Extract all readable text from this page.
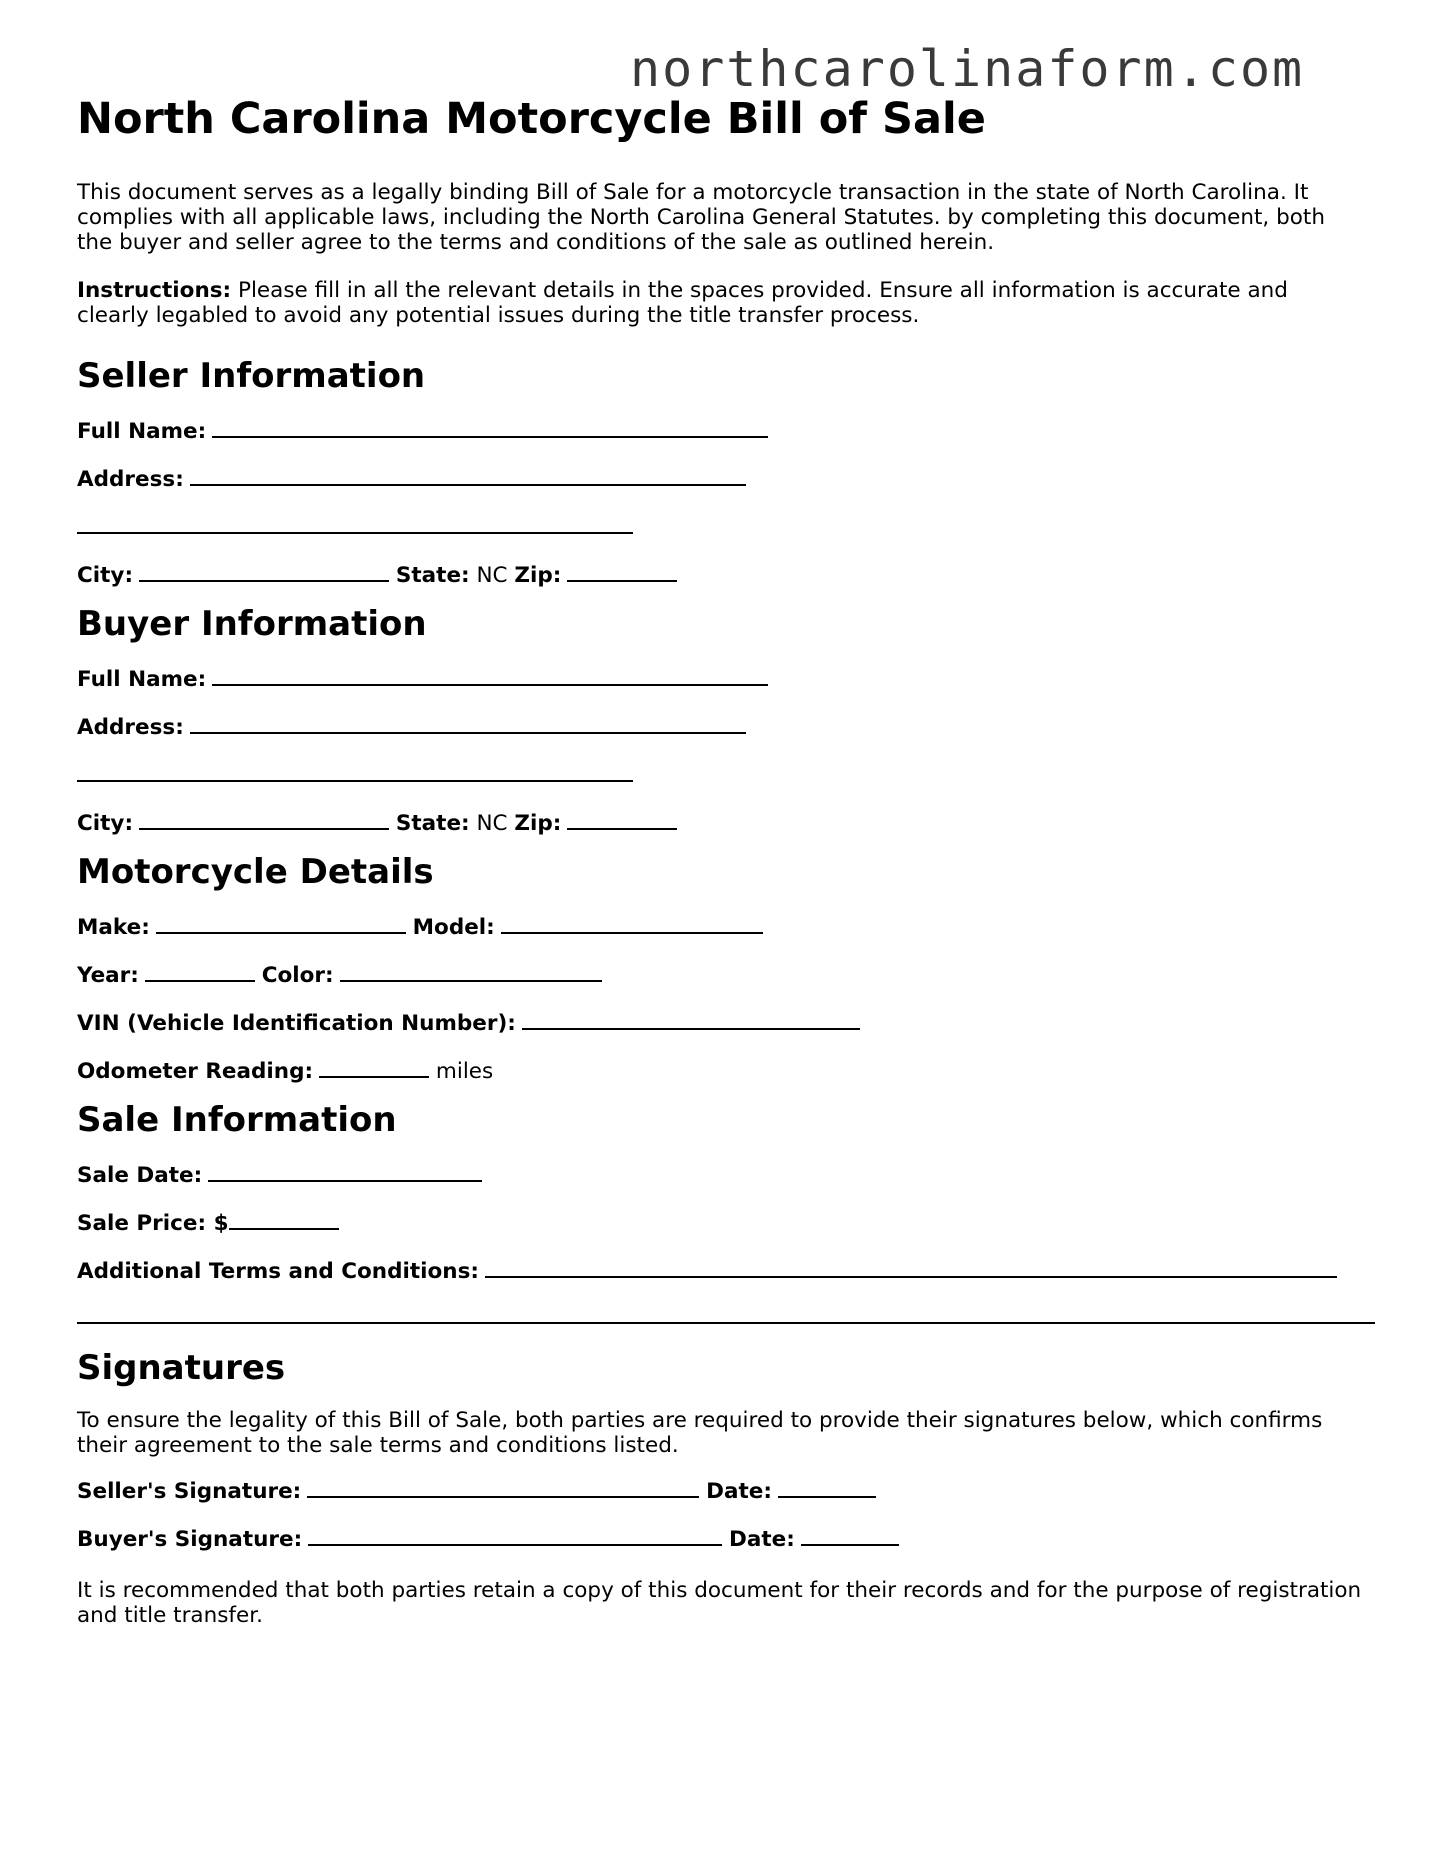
northcarolinaform.com
North Carolina Motorcycle Bill of Sale

This document serves as a legally binding Bill of Sale for a motorcycle transaction in the state of North Carolina. It complies with all applicable laws, including the North Carolina General Statutes. by completing this document, both the buyer and seller agree to the terms and conditions of the sale as outlined herein.

Instructions: Please fill in all the relevant details in the spaces provided. Ensure all information is accurate and clearly legabled to avoid any potential issues during the title transfer process.

Seller Information
Full Name:
Address:
City:	State: NC Zip:
Buyer Information
Full Name:
Address:
City:	State: NC Zip:
Motorcycle Details
Make:	Model:
Year:	Color:
VIN (Vehicle Identification Number):
Odometer Reading:	miles
Sale Information
Sale Date:
Sale Price: $
Additional Terms and Conditions:
Signatures

To ensure the legality of this Bill of Sale, both parties are required to provide their signatures below, which confirms their agreement to the sale terms and conditions listed.

Seller's Signature:	Date:
Buyer's Signature:	Date:

It is recommended that both parties retain a copy of this document for their records and for the purpose of registration and title transfer.
